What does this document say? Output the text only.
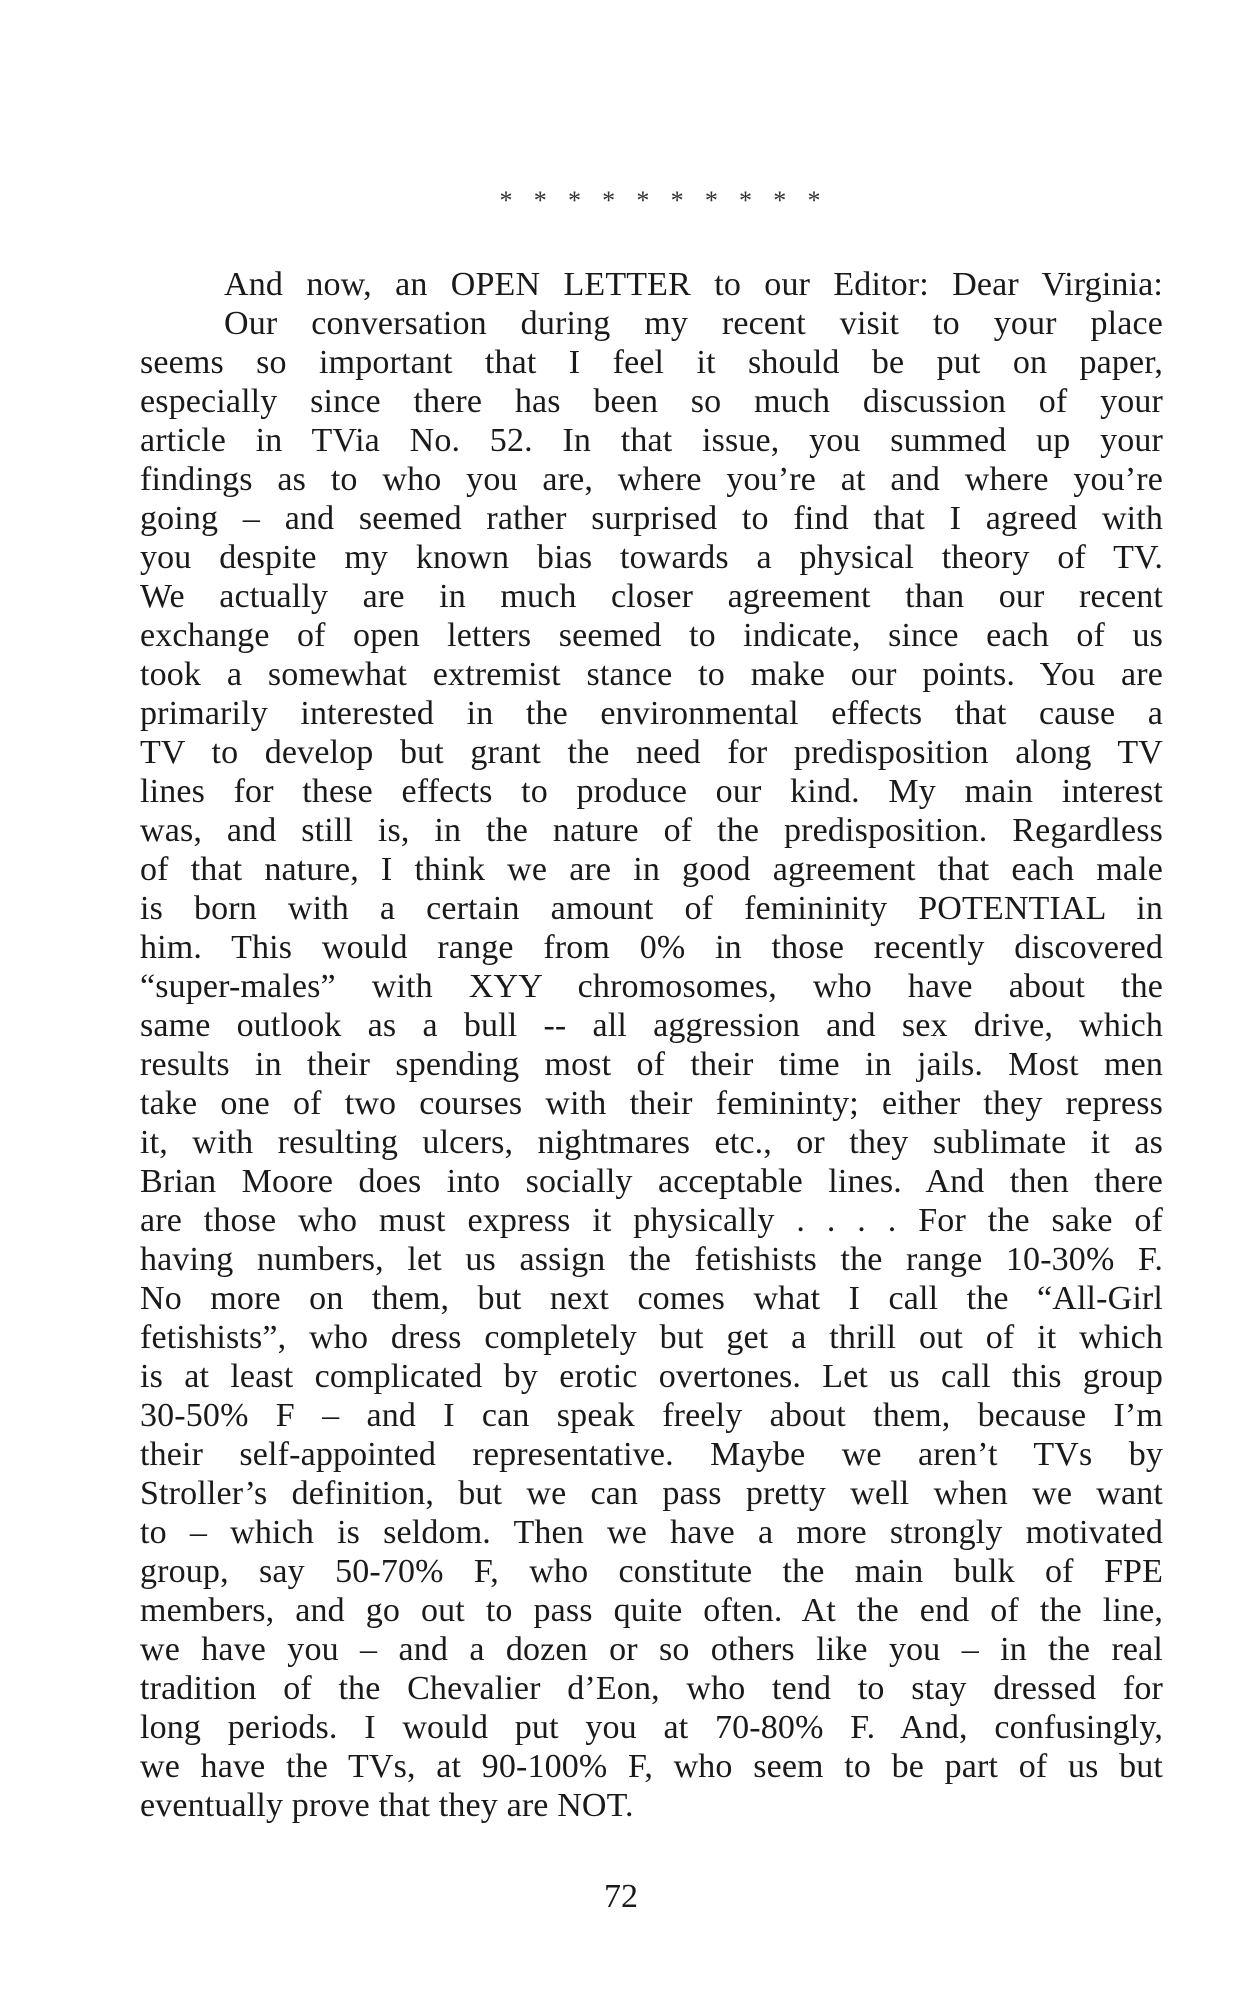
* * * * * * * * * *
And now, an OPEN LETTER to our Editor: Dear Virginia:
Our conversation during my recent visit to your place
seems so important that I feel it should be put on paper,
especially since there has been so much discussion of your
article in TVia No. 52. In that issue, you summed up your
findings as to who you are, where you’re at and where you’re
going – and seemed rather surprised to find that I agreed with
you despite my known bias towards a physical theory of TV.
We actually are in much closer agreement than our recent
exchange of open letters seemed to indicate, since each of us
took a somewhat extremist stance to make our points. You are
primarily interested in the environmental effects that cause a
TV to develop but grant the need for predisposition along TV
lines for these effects to produce our kind. My main interest
was, and still is, in the nature of the predisposition. Regardless
of that nature, I think we are in good agreement that each male
is born with a certain amount of femininity POTENTIAL in
him. This would range from 0% in those recently discovered
“super-males” with XYY chromosomes, who have about the
same outlook as a bull -- all aggression and sex drive, which
results in their spending most of their time in jails. Most men
take one of two courses with their femininty; either they repress
it, with resulting ulcers, nightmares etc., or they sublimate it as
Brian Moore does into socially acceptable lines. And then there
are those who must express it physically . . . . For the sake of
having numbers, let us assign the fetishists the range 10-30% F.
No more on them, but next comes what I call the “All-Girl
fetishists”, who dress completely but get a thrill out of it which
is at least complicated by erotic overtones. Let us call this group
30-50% F – and I can speak freely about them, because I’m
their self-appointed representative. Maybe we aren’t TVs by
Stroller’s definition, but we can pass pretty well when we want
to – which is seldom. Then we have a more strongly motivated
group, say 50-70% F, who constitute the main bulk of FPE
members, and go out to pass quite often. At the end of the line,
we have you – and a dozen or so others like you – in the real
tradition of the Chevalier d’Eon, who tend to stay dressed for
long periods. I would put you at 70-80% F. And, confusingly,
we have the TVs, at 90-100% F, who seem to be part of us but
eventually prove that they are NOT.
72
